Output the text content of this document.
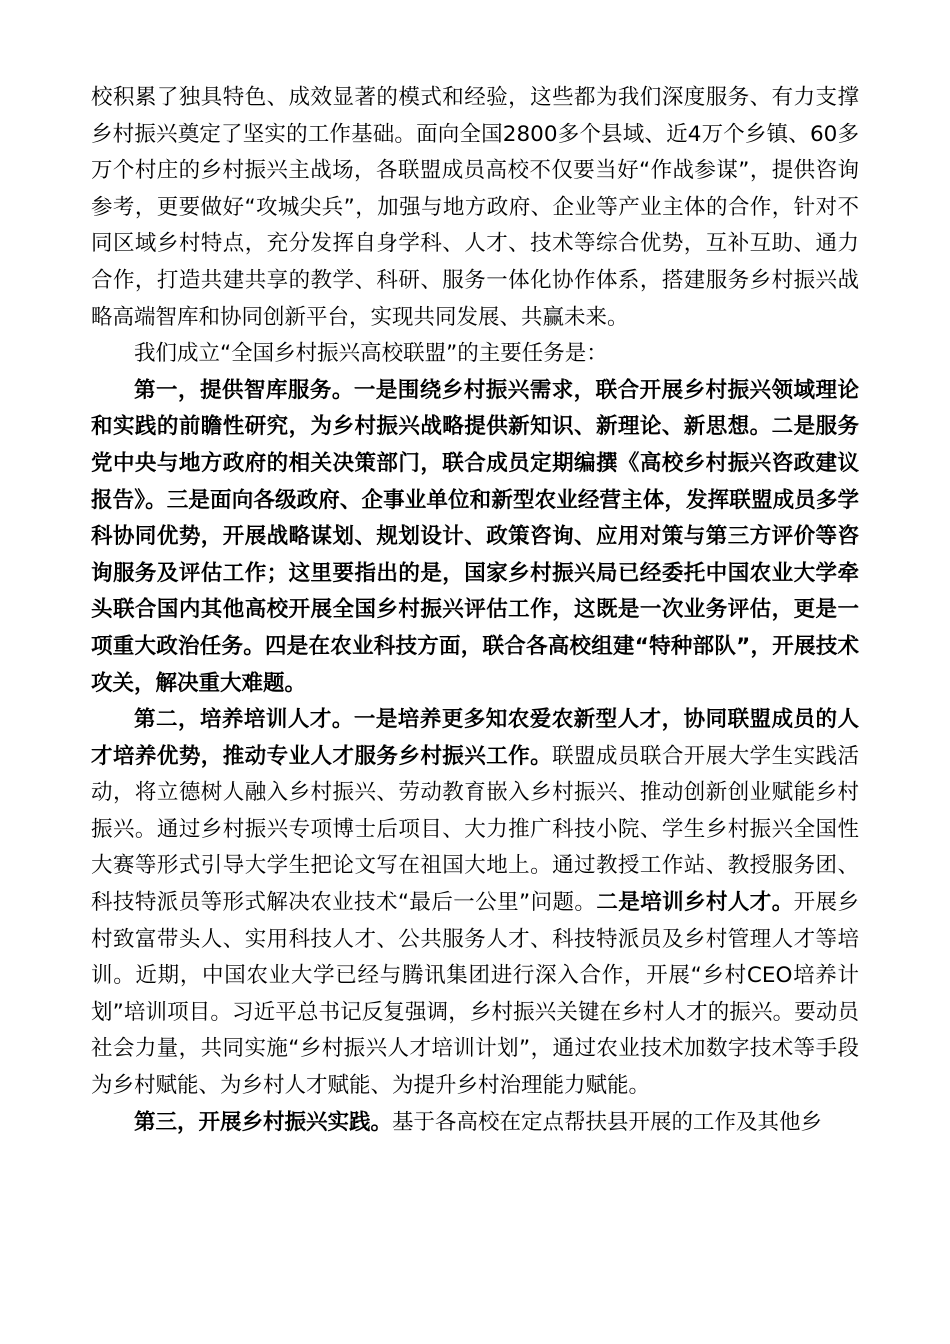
校积累了独具特色、成效显著的模式和经验，这些都为我们深度服务、有力支撑乡村振兴奠定了坚实的工作基础。面向全国2800多个县域、近4万个乡镇、60多万个村庄的乡村振兴主战场，各联盟成员高校不仅要当好“作战参谋”，提供咨询参考，更要做好“攻城尖兵”，加强与地方政府、企业等产业主体的合作，针对不同区域乡村特点，充分发挥自身学科、人才、技术等综合优势，互补互助、通力合作，打造共建共享的教学、科研、服务一体化协作体系，搭建服务乡村振兴战略高端智库和协同创新平台，实现共同发展、共赢未来。

我们成立“全国乡村振兴高校联盟”的主要任务是：

第一，提供智库服务。一是围绕乡村振兴需求，联合开展乡村振兴领域理论和实践的前瞻性研究，为乡村振兴战略提供新知识、新理论、新思想。二是服务党中央与地方政府的相关决策部门，联合成员定期编撰《高校乡村振兴咨政建议报告》。三是面向各级政府、企事业单位和新型农业经营主体，发挥联盟成员多学科协同优势，开展战略谋划、规划设计、政策咨询、应用对策与第三方评价等咨询服务及评估工作；这里要指出的是，国家乡村振兴局已经委托中国农业大学牵头联合国内其他高校开展全国乡村振兴评估工作，这既是一次业务评估，更是一项重大政治任务。四是在农业科技方面，联合各高校组建“特种部队”，开展技术攻关，解决重大难题。

第二，培养培训人才。一是培养更多知农爱农新型人才，协同联盟成员的人才培养优势，推动专业人才服务乡村振兴工作。联盟成员联合开展大学生实践活动，将立德树人融入乡村振兴、劳动教育嵌入乡村振兴、推动创新创业赋能乡村振兴。通过乡村振兴专项博士后项目、大力推广科技小院、学生乡村振兴全国性大赛等形式引导大学生把论文写在祖国大地上。通过教授工作站、教授服务团、科技特派员等形式解决农业技术“最后一公里”问题。二是培训乡村人才。开展乡村致富带头人、实用科技人才、公共服务人才、科技特派员及乡村管理人才等培训。近期，中国农业大学已经与腾讯集团进行深入合作，开展“乡村CEO培养计划”培训项目。习近平总书记反复强调，乡村振兴关键在乡村人才的振兴。要动员社会力量，共同实施“乡村振兴人才培训计划”，通过农业技术加数字技术等手段为乡村赋能、为乡村人才赋能、为提升乡村治理能力赋能。

第三，开展乡村振兴实践。基于各高校在定点帮扶县开展的工作及其他乡
